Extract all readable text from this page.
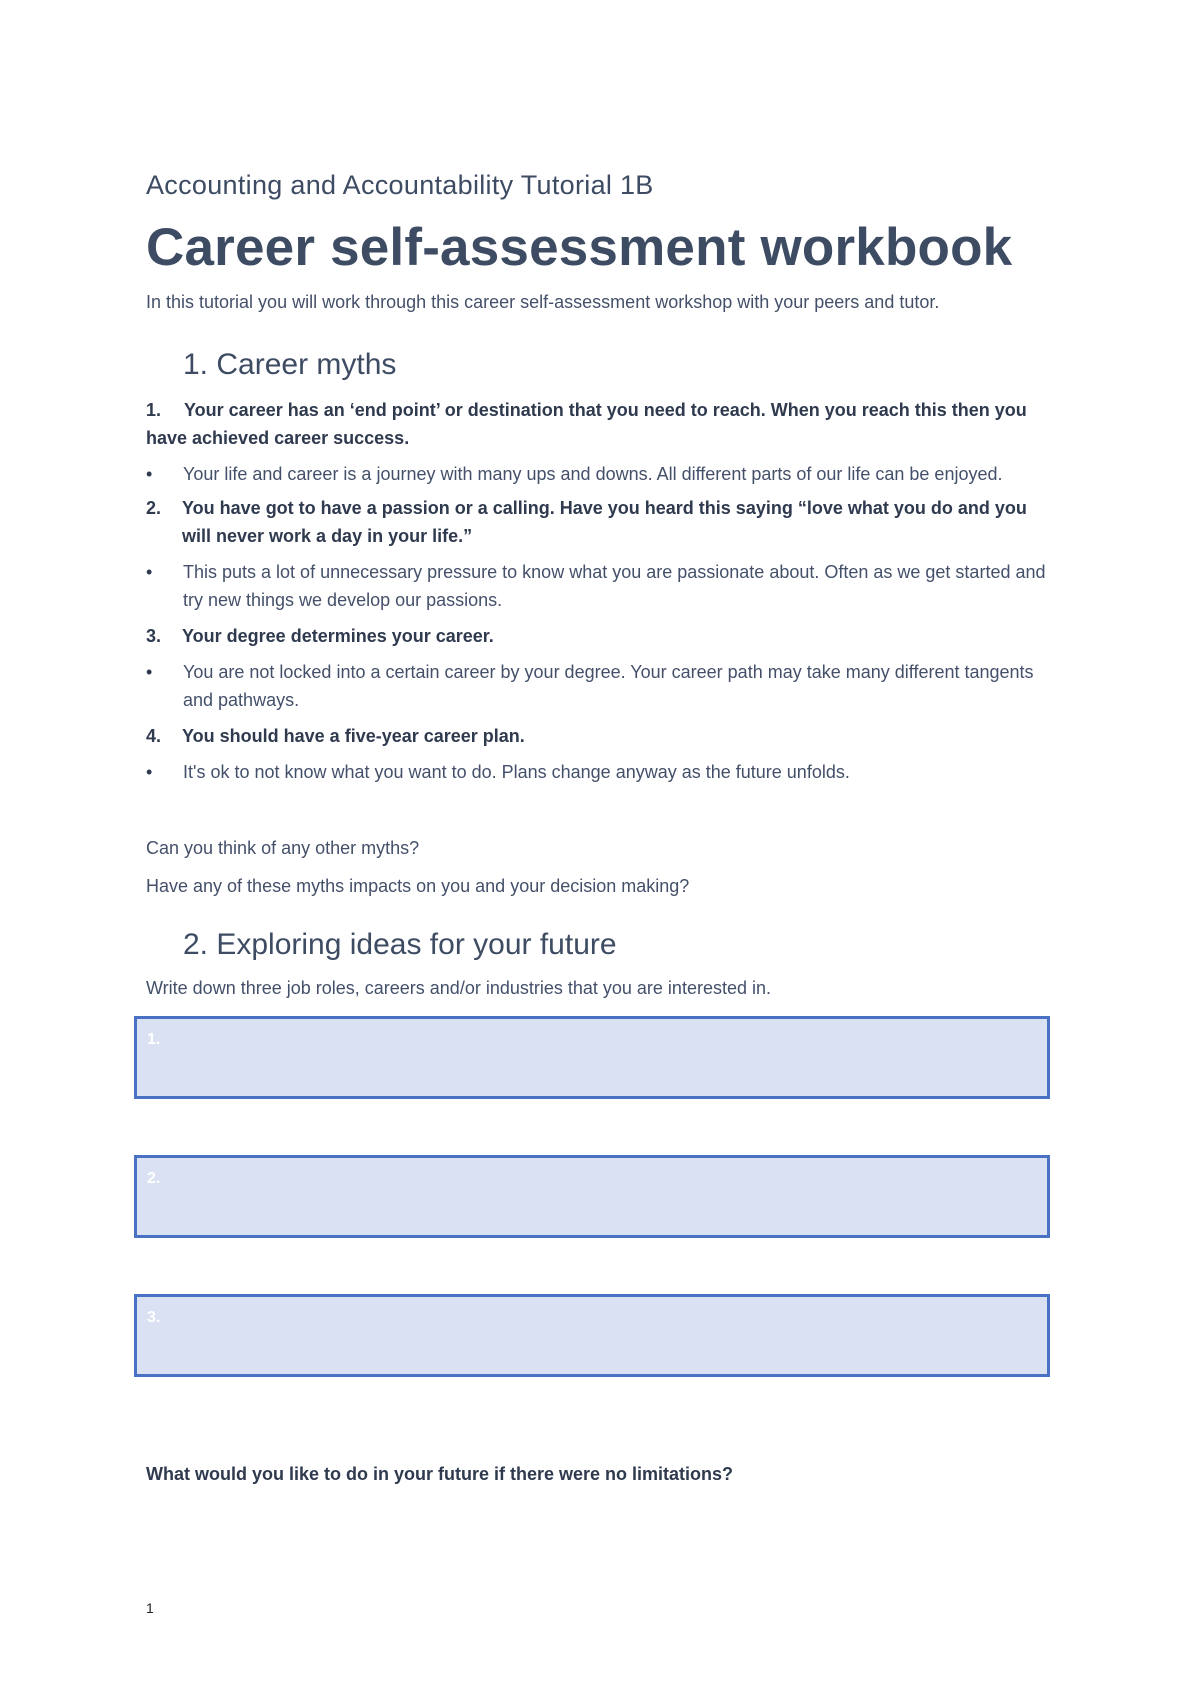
Accounting and Accountability Tutorial 1B

Career self-assessment workbook

In this tutorial you will work through this career self-assessment workshop with your peers and tutor.

1. Career myths

1. Your career has an ‘end point’ or destination that you need to reach. When you reach this then you have achieved career success.

• Your life and career is a journey with many ups and downs. All different parts of our life can be enjoyed.

2. You have got to have a passion or a calling. Have you heard this saying “love what you do and you will never work a day in your life.”

• This puts a lot of unnecessary pressure to know what you are passionate about. Often as we get started and try new things we develop our passions.

3. Your degree determines your career.

• You are not locked into a certain career by your degree. Your career path may take many different tangents and pathways.

4. You should have a five-year career plan.

• It's ok to not know what you want to do. Plans change anyway as the future unfolds.

Can you think of any other myths?

Have any of these myths impacts on you and your decision making?

2. Exploring ideas for your future

Write down three job roles, careers and/or industries that you are interested in.

1.
2.
3.

What would you like to do in your future if there were no limitations?

1
